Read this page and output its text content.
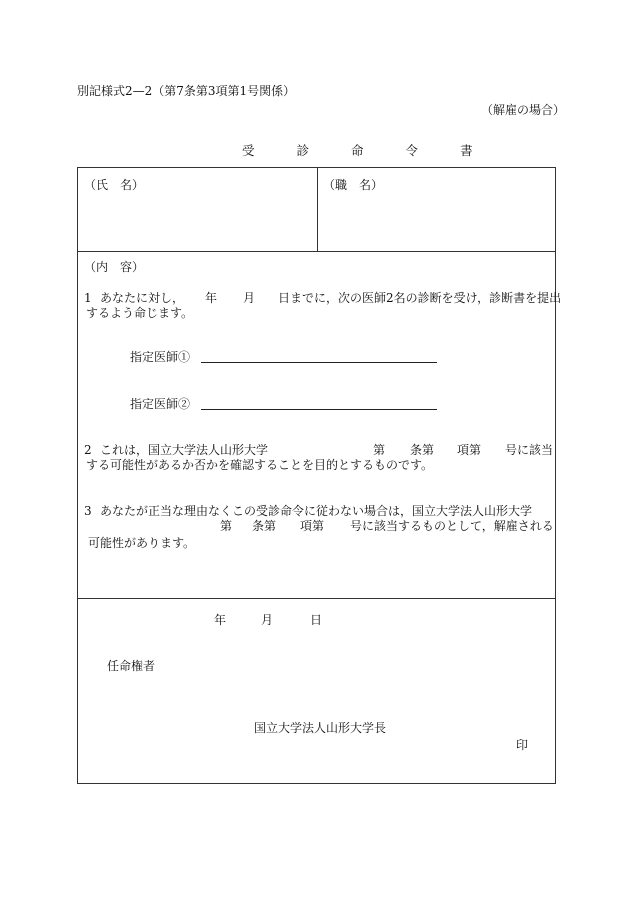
別記様式2—2（第7条第3項第1号関係）
（解雇の場合）
受	診	命	令	書
（氏　名）	（職　名）
（内　容）
1 あなたに対し， 年 月 日までに，次の医師2名の診断を受け，診断書を提出
するよう命じます。
指定医師①
指定医師②
2 これは，国立大学法人山形大学	第 条第 項第 号に該当
する可能性があるか否かを確認することを目的とするものです。
3 あなたが正当な理由なくこの受診命令に従わない場合は，国立大学法人山形大学
第 条第 項第 号に該当するものとして，解雇される
可能性があります。
年	月	日
任命権者
国立大学法人山形大学長
印
